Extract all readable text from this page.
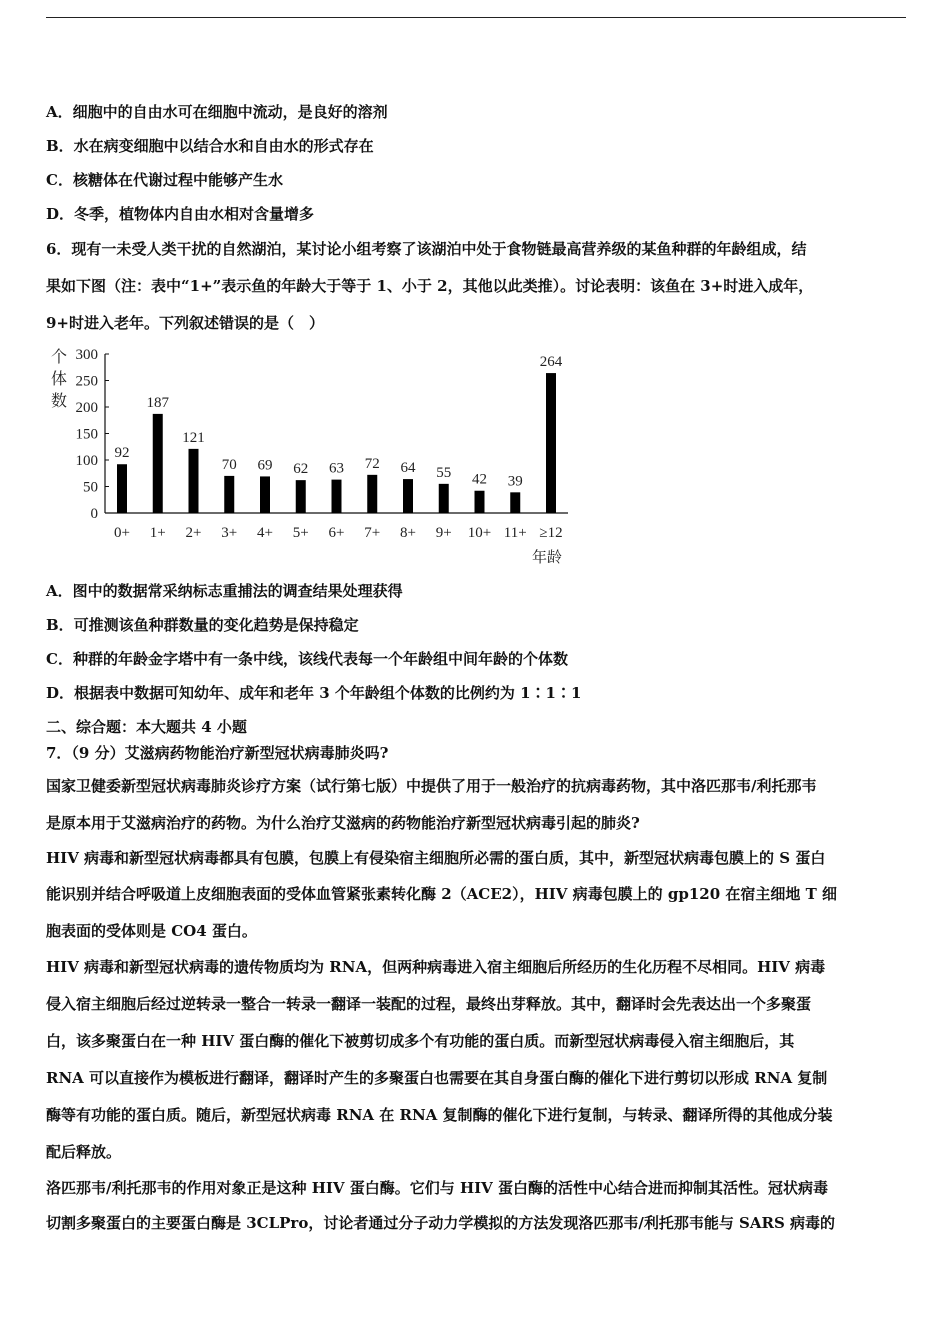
A．细胞中的自由水可在细胞中流动，是良好的溶剂
B．水在病变细胞中以结合水和自由水的形式存在
C．核糖体在代谢过程中能够产生水
D．冬季，植物体内自由水相对含量增多
6．现有一未受人类干扰的自然湖泊，某讨论小组考察了该湖泊中处于食物链最高营养级的某鱼种群的年龄组成，结
果如下图（注：表中“1+”表示鱼的年龄大于等于 1、小于 2，其他以此类推）。讨论表明：该鱼在 3+时进入成年，
9+时进入老年。下列叙述错误的是（　）
个
体
数
0
50
100
150
200
250
300
92
187
121
70 69 62 63 72 64 55 42 39
264
0+ 1+ 2+ 3+ 4+ 5+ 6+ 7+ 8+ 9+ 10+ 11+ ≥12
年龄
A．图中的数据常采纳标志重捕法的调查结果处理获得
B．可推测该鱼种群数量的变化趋势是保持稳定
C．种群的年龄金字塔中有一条中线，该线代表每一个年龄组中间年龄的个体数
D．根据表中数据可知幼年、成年和老年 3 个年龄组个体数的比例约为 1∶1∶1
二、综合题：本大题共 4 小题
7．（9 分）艾滋病药物能治疗新型冠状病毒肺炎吗?
国家卫健委新型冠状病毒肺炎诊疗方案（试行第七版）中提供了用于一般治疗的抗病毒药物，其中洛匹那韦/利托那韦
是原本用于艾滋病治疗的药物。为什么治疗艾滋病的药物能治疗新型冠状病毒引起的肺炎?
HIV 病毒和新型冠状病毒都具有包膜，包膜上有侵染宿主细胞所必需的蛋白质，其中，新型冠状病毒包膜上的 S 蛋白
能识别并结合呼吸道上皮细胞表面的受体血管紧张素转化酶 2（ACE2），HIV 病毒包膜上的 gp120 在宿主细地 T 细
胞表面的受体则是 CO4 蛋白。
HIV 病毒和新型冠状病毒的遗传物质均为 RNA，但两种病毒进入宿主细胞后所经历的生化历程不尽相同。HIV 病毒
侵入宿主细胞后经过逆转录一整合一转录一翻译一装配的过程，最终出芽释放。其中，翻译时会先表达出一个多聚蛋
白，该多聚蛋白在一种 HIV 蛋白酶的催化下被剪切成多个有功能的蛋白质。而新型冠状病毒侵入宿主细胞后，其
RNA 可以直接作为模板进行翻译，翻译时产生的多聚蛋白也需要在其自身蛋白酶的催化下进行剪切以形成 RNA 复制
酶等有功能的蛋白质。随后，新型冠状病毒 RNA 在 RNA 复制酶的催化下进行复制，与转录、翻译所得的其他成分装
配后释放。
洛匹那韦/利托那韦的作用对象正是这种 HIV 蛋白酶。它们与 HIV 蛋白酶的活性中心结合进而抑制其活性。冠状病毒
切割多聚蛋白的主要蛋白酶是 3CLPro，讨论者通过分子动力学模拟的方法发现洛匹那韦/利托那韦能与 SARS 病毒的
